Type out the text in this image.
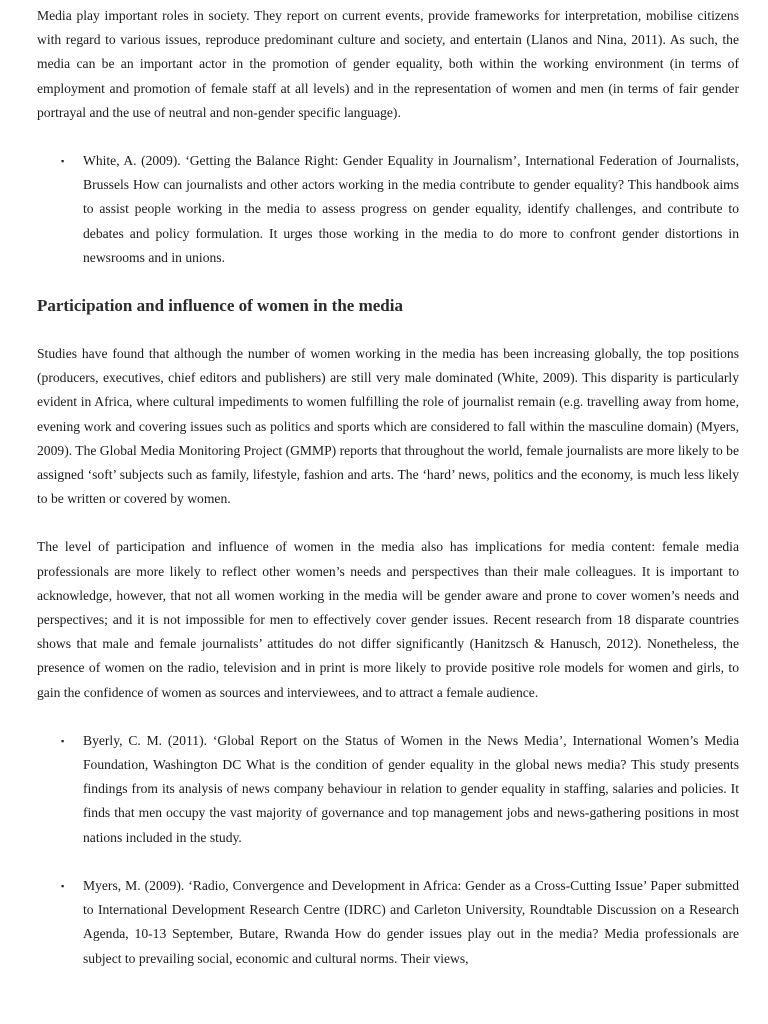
Media play important roles in society. They report on current events, provide frameworks for interpretation, mobilise citizens with regard to various issues, reproduce predominant culture and society, and entertain (Llanos and Nina, 2011). As such, the media can be an important actor in the promotion of gender equality, both within the working environment (in terms of employment and promotion of female staff at all levels) and in the representation of women and men (in terms of fair gender portrayal and the use of neutral and non-gender specific language).

▪ White, A. (2009). ‘Getting the Balance Right: Gender Equality in Journalism’, International Federation of Journalists, Brussels How can journalists and other actors working in the media contribute to gender equality? This handbook aims to assist people working in the media to assess progress on gender equality, identify challenges, and contribute to debates and policy formulation. It urges those working in the media to do more to confront gender distortions in newsrooms and in unions.
Participation and influence of women in the media

Studies have found that although the number of women working in the media has been increasing globally, the top positions (producers, executives, chief editors and publishers) are still very male dominated (White, 2009). This disparity is particularly evident in Africa, where cultural impediments to women fulfilling the role of journalist remain (e.g. travelling away from home, evening work and covering issues such as politics and sports which are considered to fall within the masculine domain) (Myers, 2009). The Global Media Monitoring Project (GMMP) reports that throughout the world, female journalists are more likely to be assigned ‘soft’ subjects such as family, lifestyle, fashion and arts. The ‘hard’ news, politics and the economy, is much less likely to be written or covered by women.

The level of participation and influence of women in the media also has implications for media content: female media professionals are more likely to reflect other women’s needs and perspectives than their male colleagues. It is important to acknowledge, however, that not all women working in the media will be gender aware and prone to cover women’s needs and perspectives; and it is not impossible for men to effectively cover gender issues. Recent research from 18 disparate countries shows that male and female journalists’ attitudes do not differ significantly (Hanitzsch & Hanusch, 2012). Nonetheless, the presence of women on the radio, television and in print is more likely to provide positive role models for women and girls, to gain the confidence of women as sources and interviewees, and to attract a female audience.

▪ Byerly, C. M. (2011). ‘Global Report on the Status of Women in the News Media’, International Women’s Media Foundation, Washington DC What is the condition of gender equality in the global news media? This study presents findings from its analysis of news company behaviour in relation to gender equality in staffing, salaries and policies. It finds that men occupy the vast majority of governance and top management jobs and news-gathering positions in most nations included in the study.
▪ Myers, M. (2009). ‘Radio, Convergence and Development in Africa: Gender as a Cross-Cutting Issue’ Paper submitted to International Development Research Centre (IDRC) and Carleton University, Roundtable Discussion on a Research Agenda, 10-13 September, Butare, Rwanda How do gender issues play out in the media? Media professionals are subject to prevailing social, economic and cultural norms. Their views,
